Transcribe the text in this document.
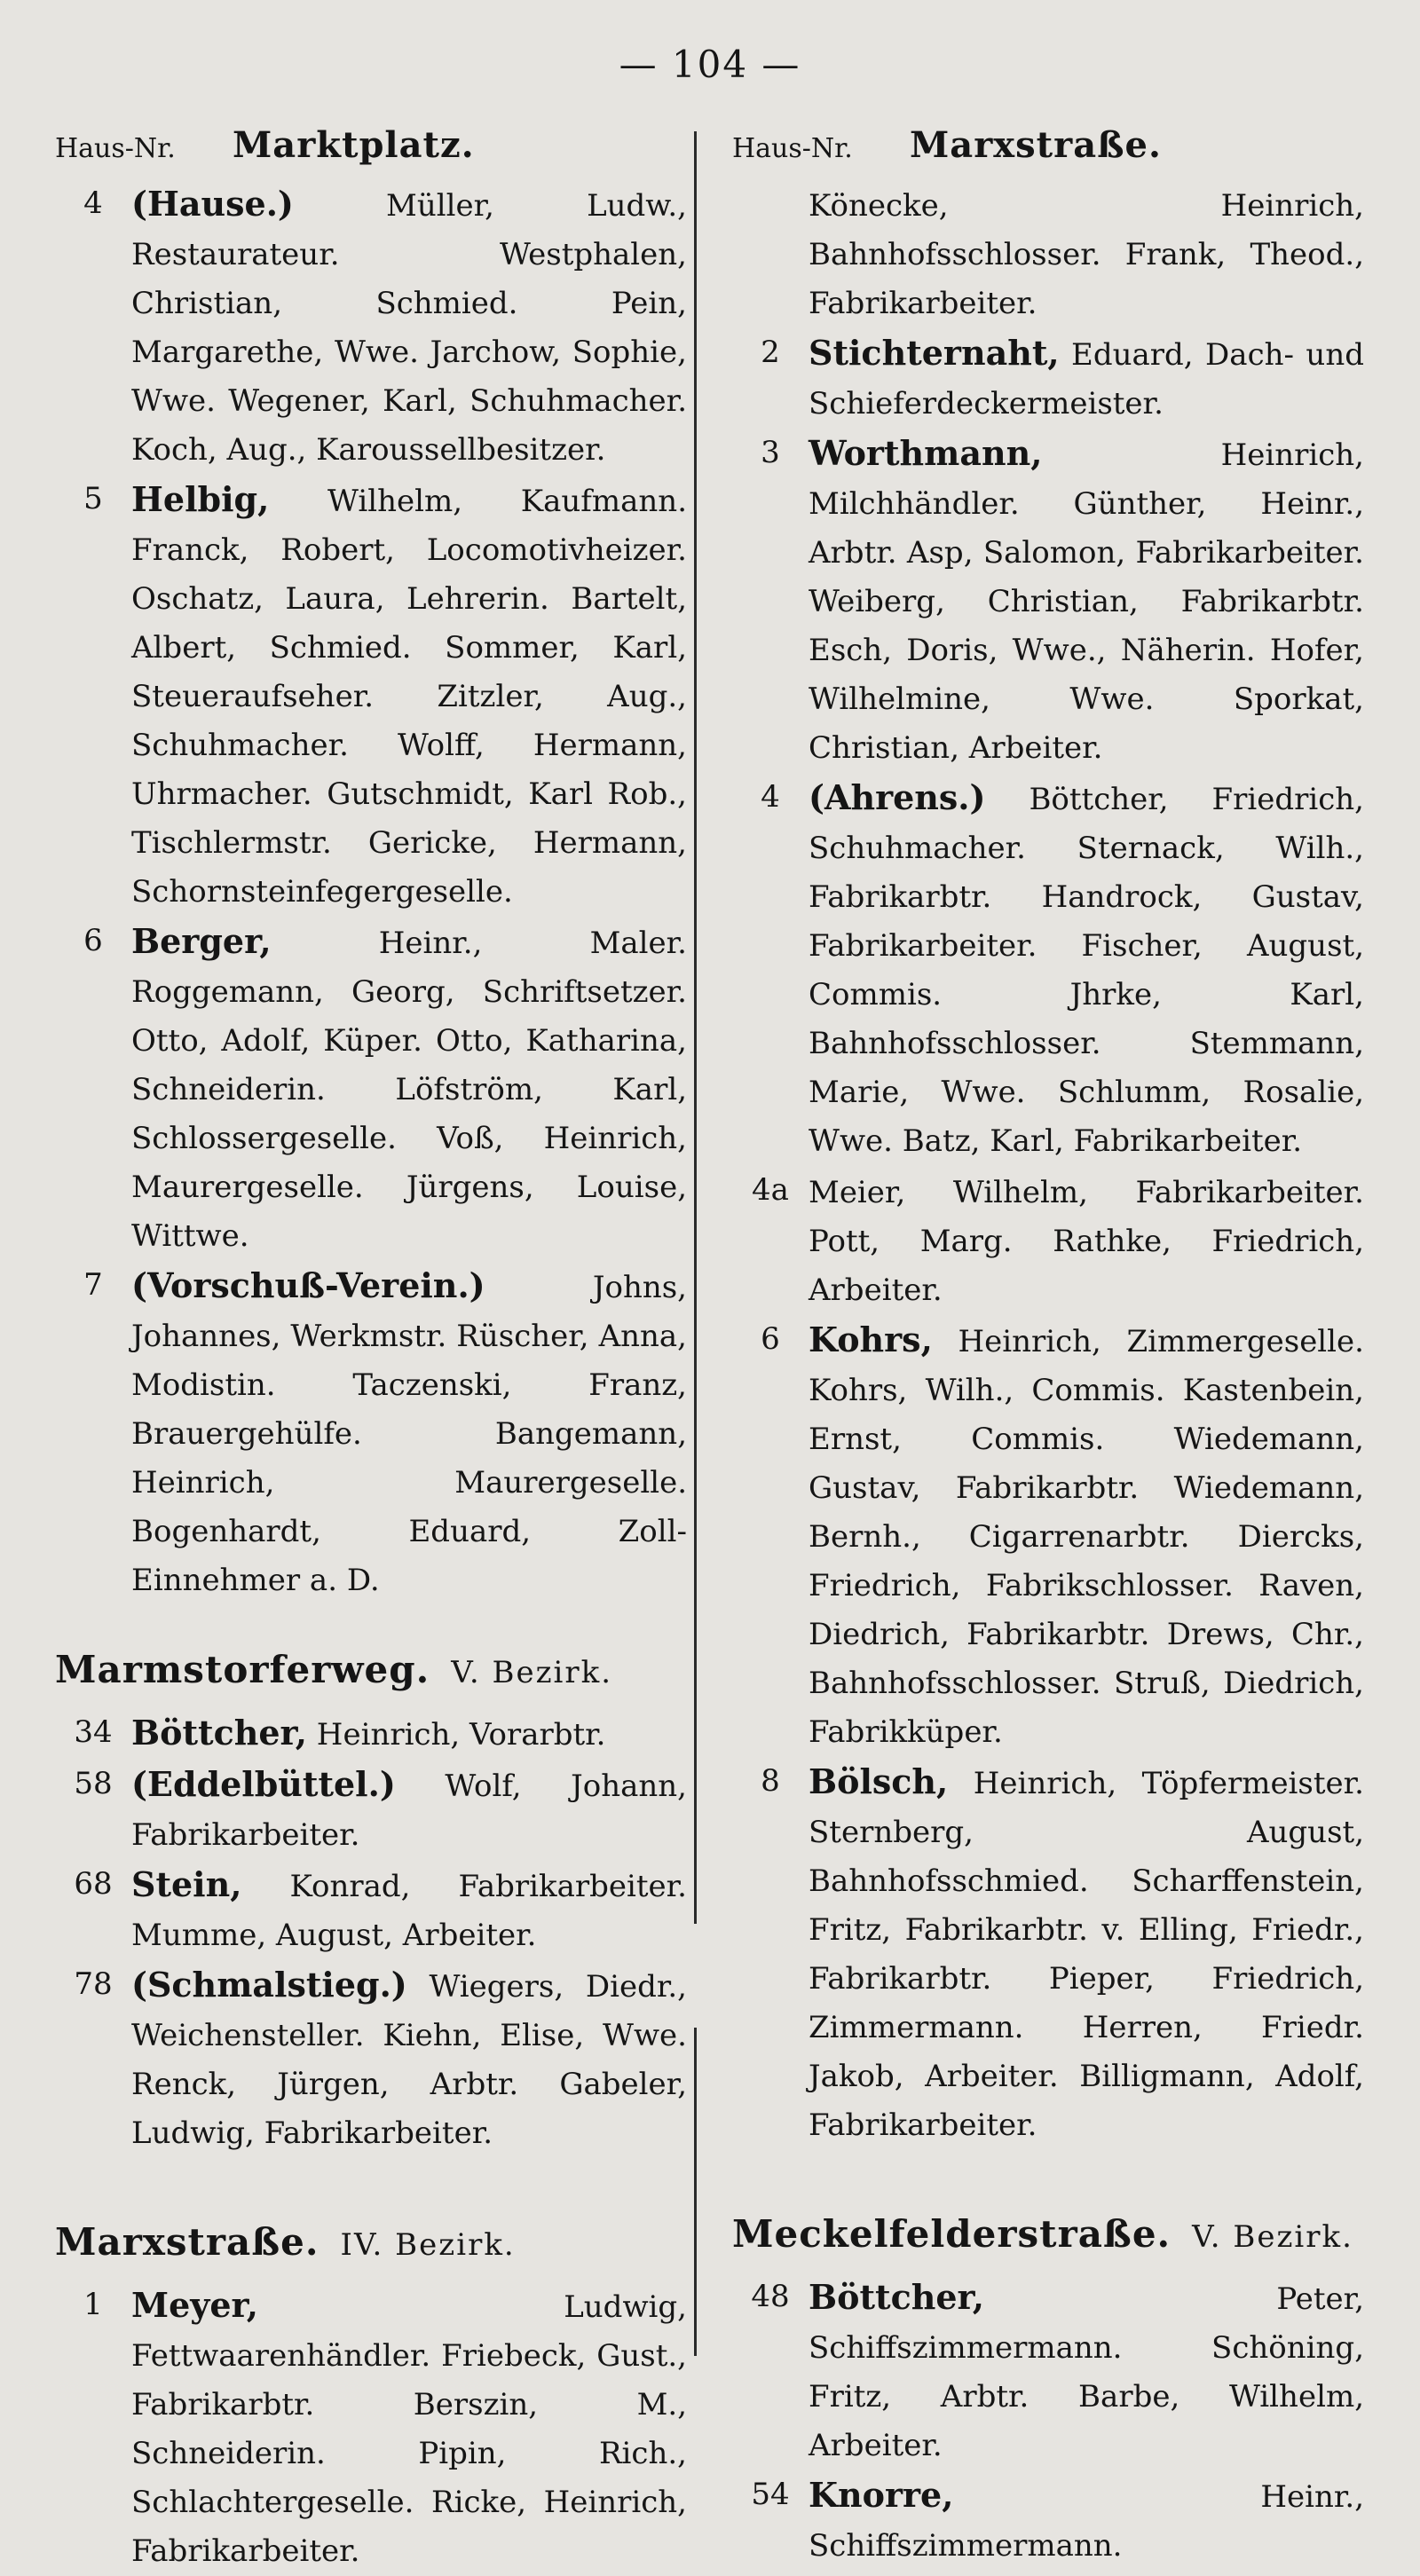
— 104 —
Haus-Nr.	Marktplatz.
4 (Hause.) Müller, Ludw., Restaurateur. Westphalen, Christian, Schmied. Pein, Margarethe, Wwe. Jarchow, Sophie, Wwe. Wegener, Karl, Schuhmacher. Koch, Aug., Karoussellbesitzer.
5 Helbig, Wilhelm, Kaufmann. Franck, Robert, Locomotivheizer. Oschatz, Laura, Lehrerin. Bartelt, Albert, Schmied. Sommer, Karl, Steueraufseher. Zitzler, Aug., Schuhmacher. Wolff, Hermann, Uhrmacher. Gutschmidt, Karl Rob., Tischlermstr. Gericke, Hermann, Schornsteinfegergeselle.
6 Berger, Heinr., Maler. Roggemann, Georg, Schriftsetzer. Otto, Adolf, Küper. Otto, Katharina, Schneiderin. Löfström, Karl, Schlossergeselle. Voß, Heinrich, Maurergeselle. Jürgens, Louise, Wittwe.
7 (Vorschuß-Verein.) Johns, Johannes, Werkmstr. Rüscher, Anna, Modistin. Taczenski, Franz, Brauergehülfe. Bangemann, Heinrich, Maurergeselle. Bogenhardt, Eduard, Zoll-Einnehmer a. D.
Marmstorferweg. V. Bezirk.
34 Böttcher, Heinrich, Vorarbtr.
58 (Eddelbüttel.) Wolf, Johann, Fabrikarbeiter.
68 Stein, Konrad, Fabrikarbeiter. Mumme, August, Arbeiter.
78 (Schmalstieg.) Wiegers, Diedr., Weichensteller. Kiehn, Elise, Wwe. Renck, Jürgen, Arbtr. Gabeler, Ludwig, Fabrikarbeiter.
Marxstraße. IV. Bezirk.
1 Meyer, Ludwig, Fettwaarenhändler. Friebeck, Gust., Fabrikarbtr. Berszin, M., Schneiderin. Pipin, Rich., Schlachtergeselle. Ricke, Heinrich, Fabrikarbeiter.
Haus-Nr.	Marxstraße.
Könecke, Heinrich, Bahnhofsschlosser. Frank, Theod., Fabrikarbeiter.
2 Stichternaht, Eduard, Dach- und Schieferdeckermeister.
3 Worthmann, Heinrich, Milchhändler. Günther, Heinr., Arbtr. Asp, Salomon, Fabrikarbeiter. Weiberg, Christian, Fabrikarbtr. Esch, Doris, Wwe., Näherin. Hofer, Wilhelmine, Wwe. Sporkat, Christian, Arbeiter.
4 (Ahrens.) Böttcher, Friedrich, Schuhmacher. Sternack, Wilh., Fabrikarbtr. Handrock, Gustav, Fabrikarbeiter. Fischer, August, Commis. Jhrke, Karl, Bahnhofsschlosser. Stemmann, Marie, Wwe. Schlumm, Rosalie, Wwe. Batz, Karl, Fabrikarbeiter.
4a Meier, Wilhelm, Fabrikarbeiter. Pott, Marg. Rathke, Friedrich, Arbeiter.
6 Kohrs, Heinrich, Zimmergeselle. Kohrs, Wilh., Commis. Kastenbein, Ernst, Commis. Wiedemann, Gustav, Fabrikarbtr. Wiedemann, Bernh., Cigarrenarbtr. Diercks, Friedrich, Fabrikschlosser. Raven, Diedrich, Fabrikarbtr. Drews, Chr., Bahnhofsschlosser. Struß, Diedrich, Fabrikküper.
8 Bölsch, Heinrich, Töpfermeister. Sternberg, August, Bahnhofsschmied. Scharffenstein, Fritz, Fabrikarbtr. v. Elling, Friedr., Fabrikarbtr. Pieper, Friedrich, Zimmermann. Herren, Friedr. Jakob, Arbeiter. Billigmann, Adolf, Fabrikarbeiter.
Meckelfelderstraße. V. Bezirk.
48 Böttcher, Peter, Schiffszimmermann. Schöning, Fritz, Arbtr. Barbe, Wilhelm, Arbeiter.
54 Knorre, Heinr., Schiffszimmermann.
